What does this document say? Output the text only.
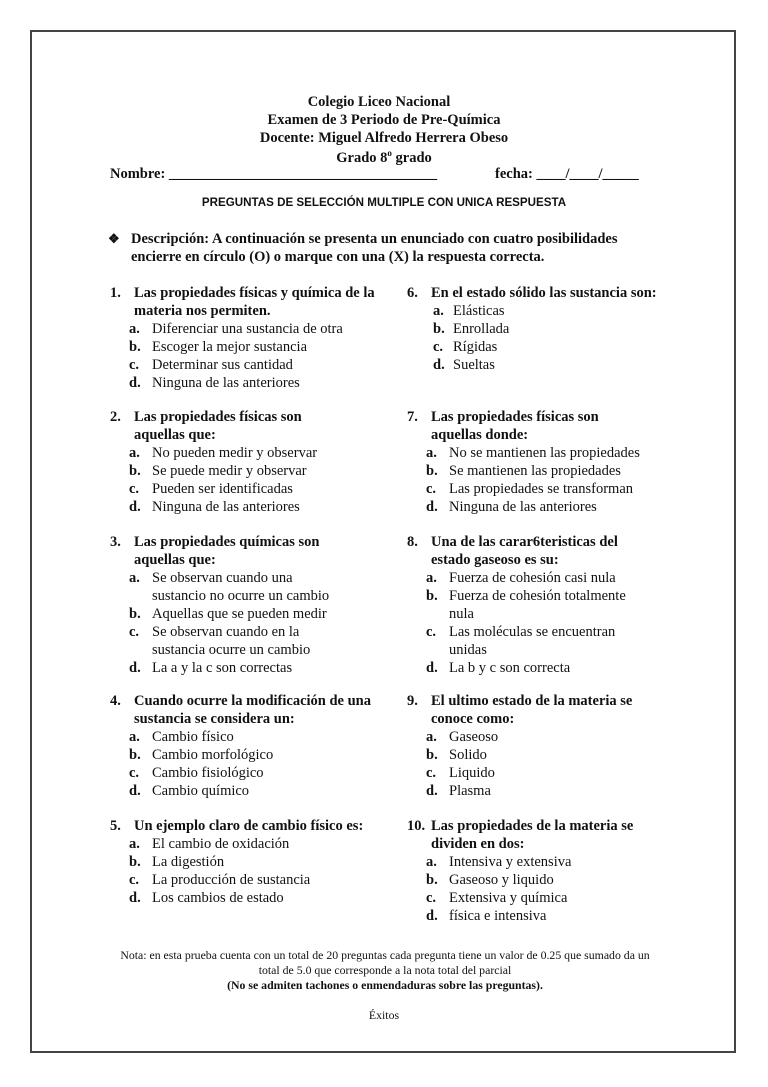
Colegio Liceo Nacional
Examen de 3 Periodo de Pre-Química
Docente: Miguel Alfredo Herrera Obeso
Grado 8$^o$ grado
Nombre: _____________________________________	fecha: ____/____/_____
PREGUNTAS DE SELECCIÓN MULTIPLE CON UNICA RESPUESTA
❖ Descripción: A continuación se presenta un enunciado con cuatro posibilidades encierre en círculo (O) o marque con una (X) la respuesta correcta.
1. Las propiedades físicas y química de la materia nos permiten.
a. Diferenciar una sustancia de otra
b. Escoger la mejor sustancia
c. Determinar sus cantidad
d. Ninguna de las anteriores
2. Las propiedades físicas son aquellas que:
a. No pueden medir y observar
b. Se puede medir y observar
c. Pueden ser identificadas
d. Ninguna de las anteriores
3. Las propiedades químicas son aquellas que:
a. Se observan cuando una sustancio no ocurre un cambio
b. Aquellas que se pueden medir
c. Se observan cuando en la sustancia ocurre un cambio
d. La a y la c son correctas
4. Cuando ocurre la modificación de una sustancia se considera un:
a. Cambio físico
b. Cambio morfológico
c. Cambio fisiológico
d. Cambio químico
5. Un ejemplo claro de cambio físico es:
a. El cambio de oxidación
b. La digestión
c. La producción de sustancia
d. Los cambios de estado
6. En el estado sólido las sustancia son:
a. Elásticas
b. Enrollada
c. Rígidas
d. Sueltas
7. Las propiedades físicas son aquellas donde:
a. No se mantienen las propiedades
b. Se mantienen las propiedades
c. Las propiedades se transforman
d. Ninguna de las anteriores
8. Una de las carar6teristicas del estado gaseoso es su:
a. Fuerza de cohesión casi nula
b. Fuerza de cohesión totalmente nula
c. Las moléculas se encuentran unidas
d. La b y c son correcta
9. El ultimo estado de la materia se conoce como:
a. Gaseoso
b. Solido
c. Liquido
d. Plasma
10. Las propiedades de la materia se dividen en dos:
a. Intensiva y extensiva
b. Gaseoso y liquido
c. Extensiva y química
d. física e intensiva
Nota: en esta prueba cuenta con un total de 20 preguntas cada pregunta tiene un valor de 0.25 que sumado da un total de 5.0 que corresponde a la nota total del parcial
(No se admiten tachones o enmendaduras sobre las preguntas).
Éxitos
